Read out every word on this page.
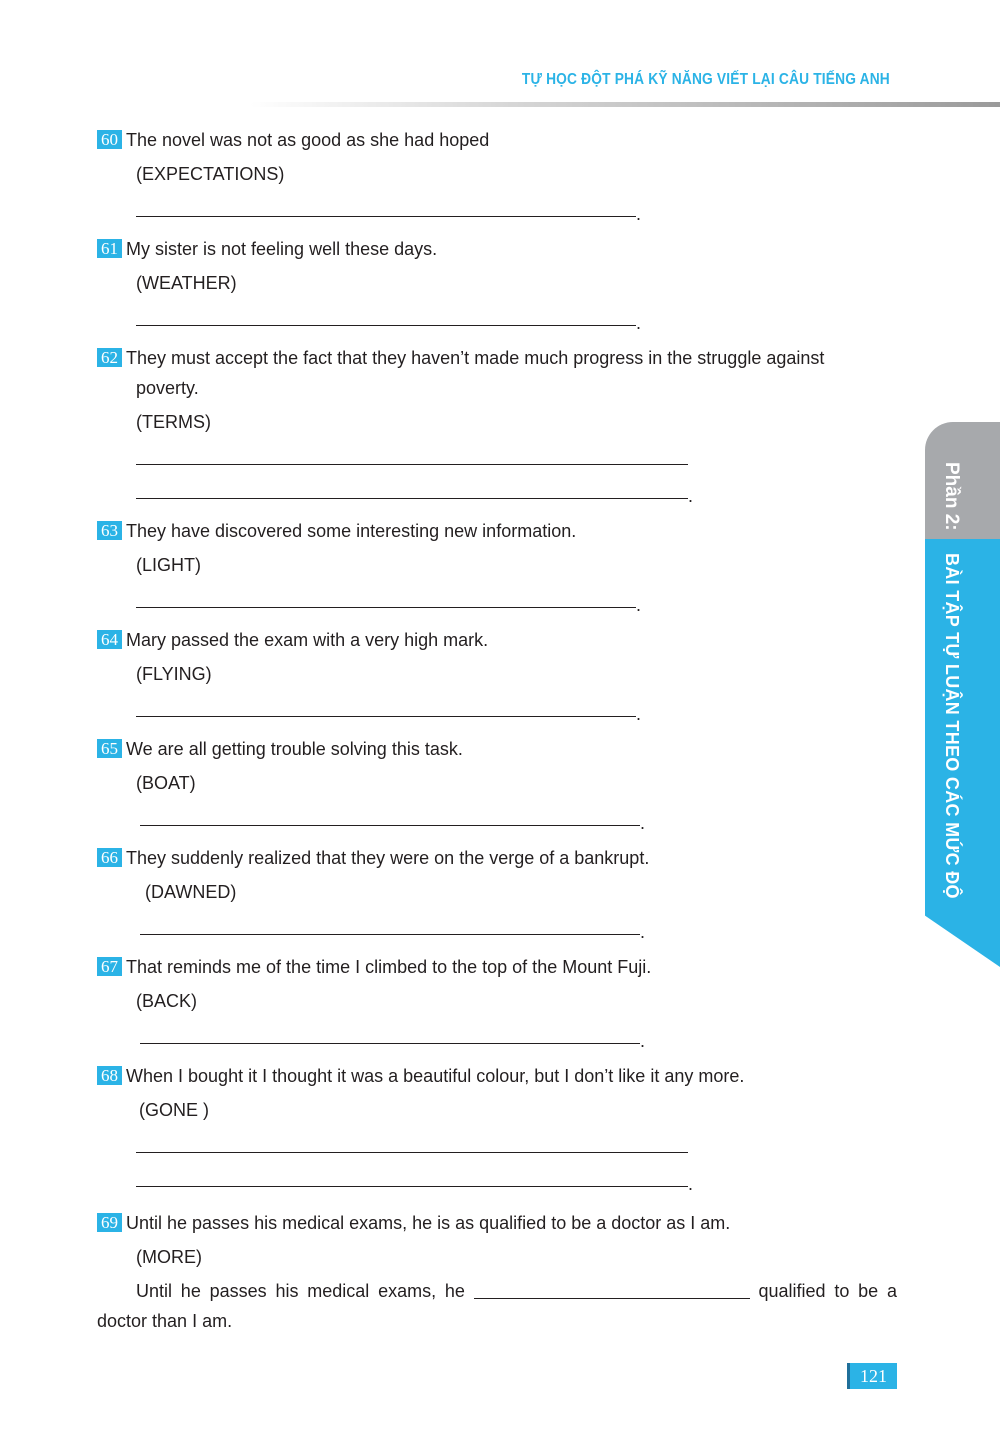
TỰ HỌC ĐỘT PHÁ KỸ NĂNG VIẾT LẠI CÂU TIẾNG ANH
60 The novel was not as good as she had hoped
(EXPECTATIONS)
.
61 My sister is not feeling well these days.
(WEATHER)
.
62 They must accept the fact that they haven’t made much progress in the struggle against
poverty.
(TERMS)
.
63 They have discovered some interesting new information.
(LIGHT)
.
64 Mary passed the exam with a very high mark.
(FLYING)
.
65 We are all getting trouble solving this task.
(BOAT)
.
66 They suddenly realized that they were on the verge of a bankrupt.
(DAWNED)
.
67 That reminds me of the time I climbed to the top of the Mount Fuji.
(BACK)
.
68 When I bought it I thought it was a beautiful colour, but I don’t like it any more.
(GONE )
.
69 Until he passes his medical exams, he is as qualified to be a doctor as I am.
(MORE)
Until he passes his medical exams, he	qualified to be a
doctor than I am.
Phần 2:
BÀI TẬP TỰ LUẬN THEO CÁC MỨC ĐỘ
121
